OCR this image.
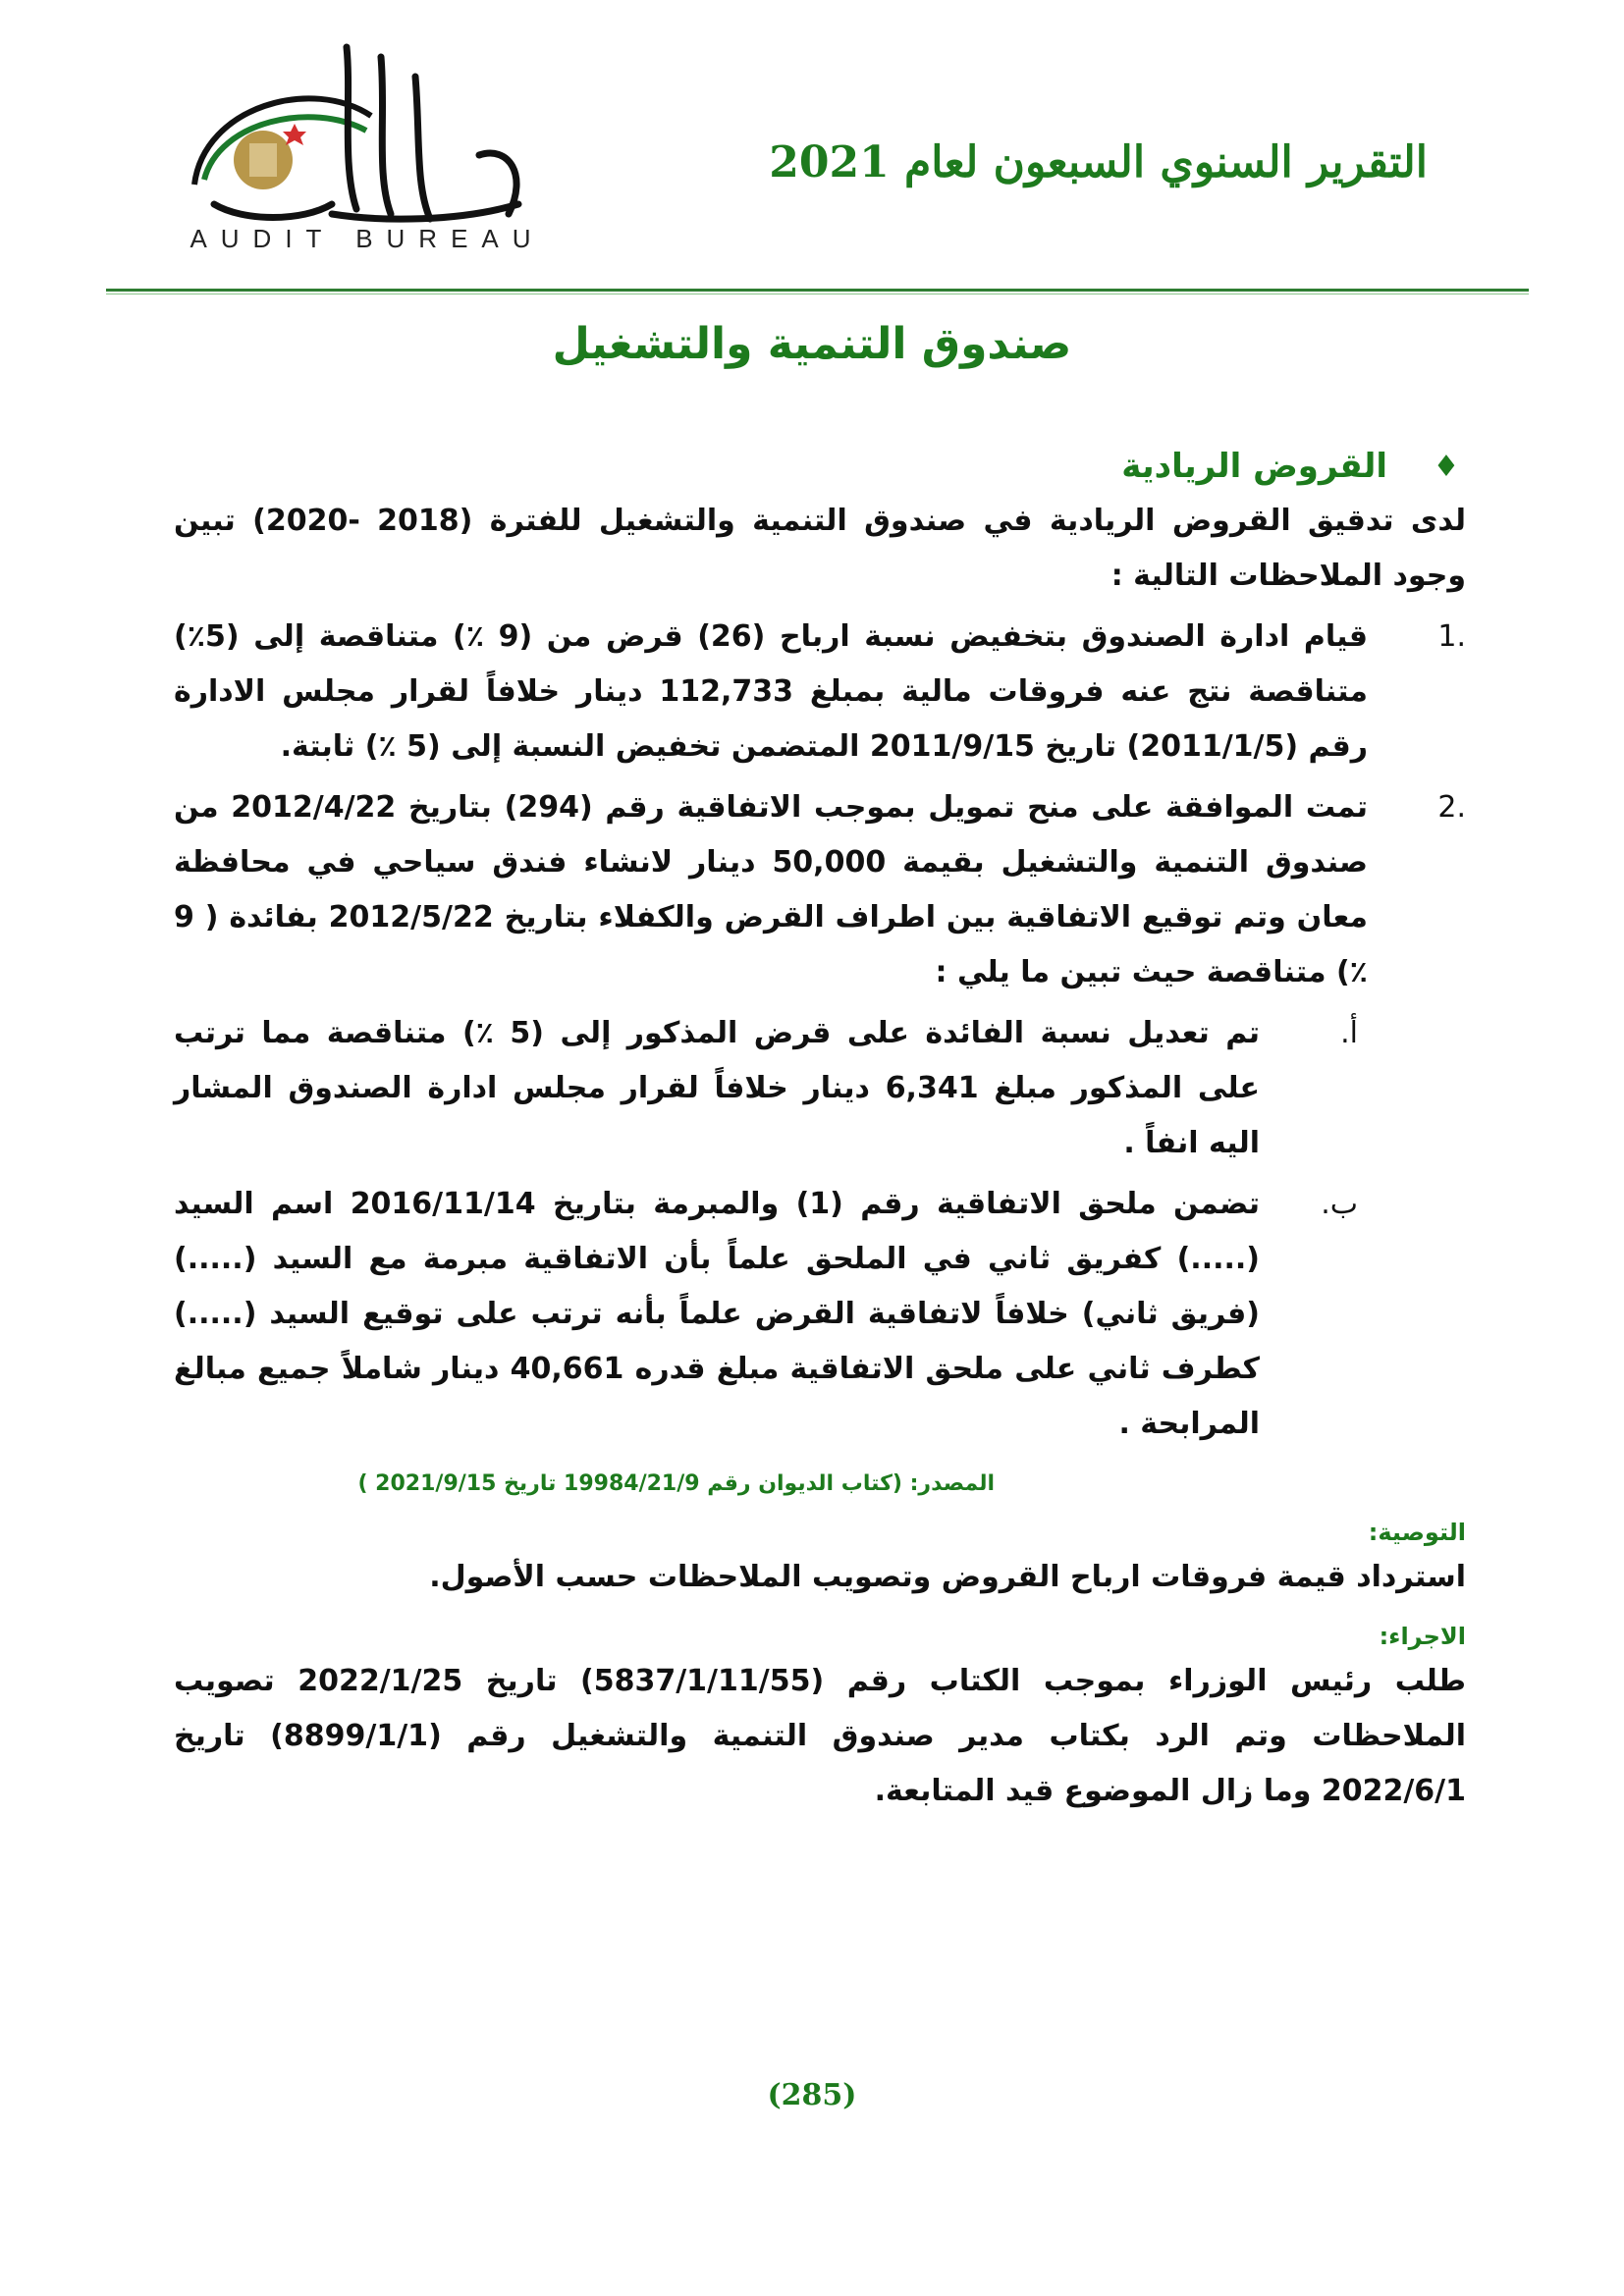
AUDIT BUREAU
التقرير السنوي السبعون لعام 2021
صندوق التنمية والتشغيل
♦
القروض الريادية
لدى تدقيق القروض الريادية في صندوق التنمية والتشغيل للفترة (2018 -2020) تبين وجود الملاحظات التالية :
.1
قيام ادارة الصندوق بتخفيض نسبة ارباح (26) قرض من (9 ٪) متناقصة إلى (5٪) متناقصة نتج عنه فروقات مالية بمبلغ 112,733 دينار خلافاً لقرار مجلس الادارة رقم (2011/1/5) تاريخ 2011/9/15 المتضمن تخفيض النسبة إلى (5 ٪) ثابتة.
.2
تمت الموافقة على منح تمويل بموجب الاتفاقية رقم (294) بتاريخ 2012/4/22 من صندوق التنمية والتشغيل بقيمة 50,000 دينار لانشاء فندق سياحي في محافظة معان وتم توقيع الاتفاقية بين اطراف القرض والكفلاء بتاريخ 2012/5/22 بفائدة ( 9 ٪) متناقصة حيث تبين ما يلي :
أ.
تم تعديل نسبة الفائدة على قرض المذكور إلى (5 ٪) متناقصة مما ترتب على المذكور مبلغ 6,341 دينار خلافاً لقرار مجلس ادارة الصندوق المشار اليه انفاً .
ب.
تضمن ملحق الاتفاقية رقم (1) والمبرمة بتاريخ 2016/11/14 اسم السيد (.....) كفريق ثاني في الملحق علماً بأن الاتفاقية مبرمة مع السيد (.....) (فريق ثاني) خلافاً لاتفاقية القرض علماً بأنه ترتب على توقيع السيد (.....) كطرف ثاني على ملحق الاتفاقية مبلغ قدره 40,661 دينار شاملاً جميع مبالغ المرابحة .
المصدر: (كتاب الديوان رقم 19984/21/9 تاريخ 2021/9/15 )
التوصية:
استرداد قيمة فروقات ارباح القروض وتصويب الملاحظات حسب الأصول.
الاجراء:
طلب رئيس الوزراء بموجب الكتاب رقم (5837/1/11/55) تاريخ 2022/1/25 تصويب الملاحظات وتم الرد بكتاب مدير صندوق التنمية والتشغيل رقم (8899/1/1) تاريخ 2022/6/1 وما زال الموضوع قيد المتابعة.
(285)
